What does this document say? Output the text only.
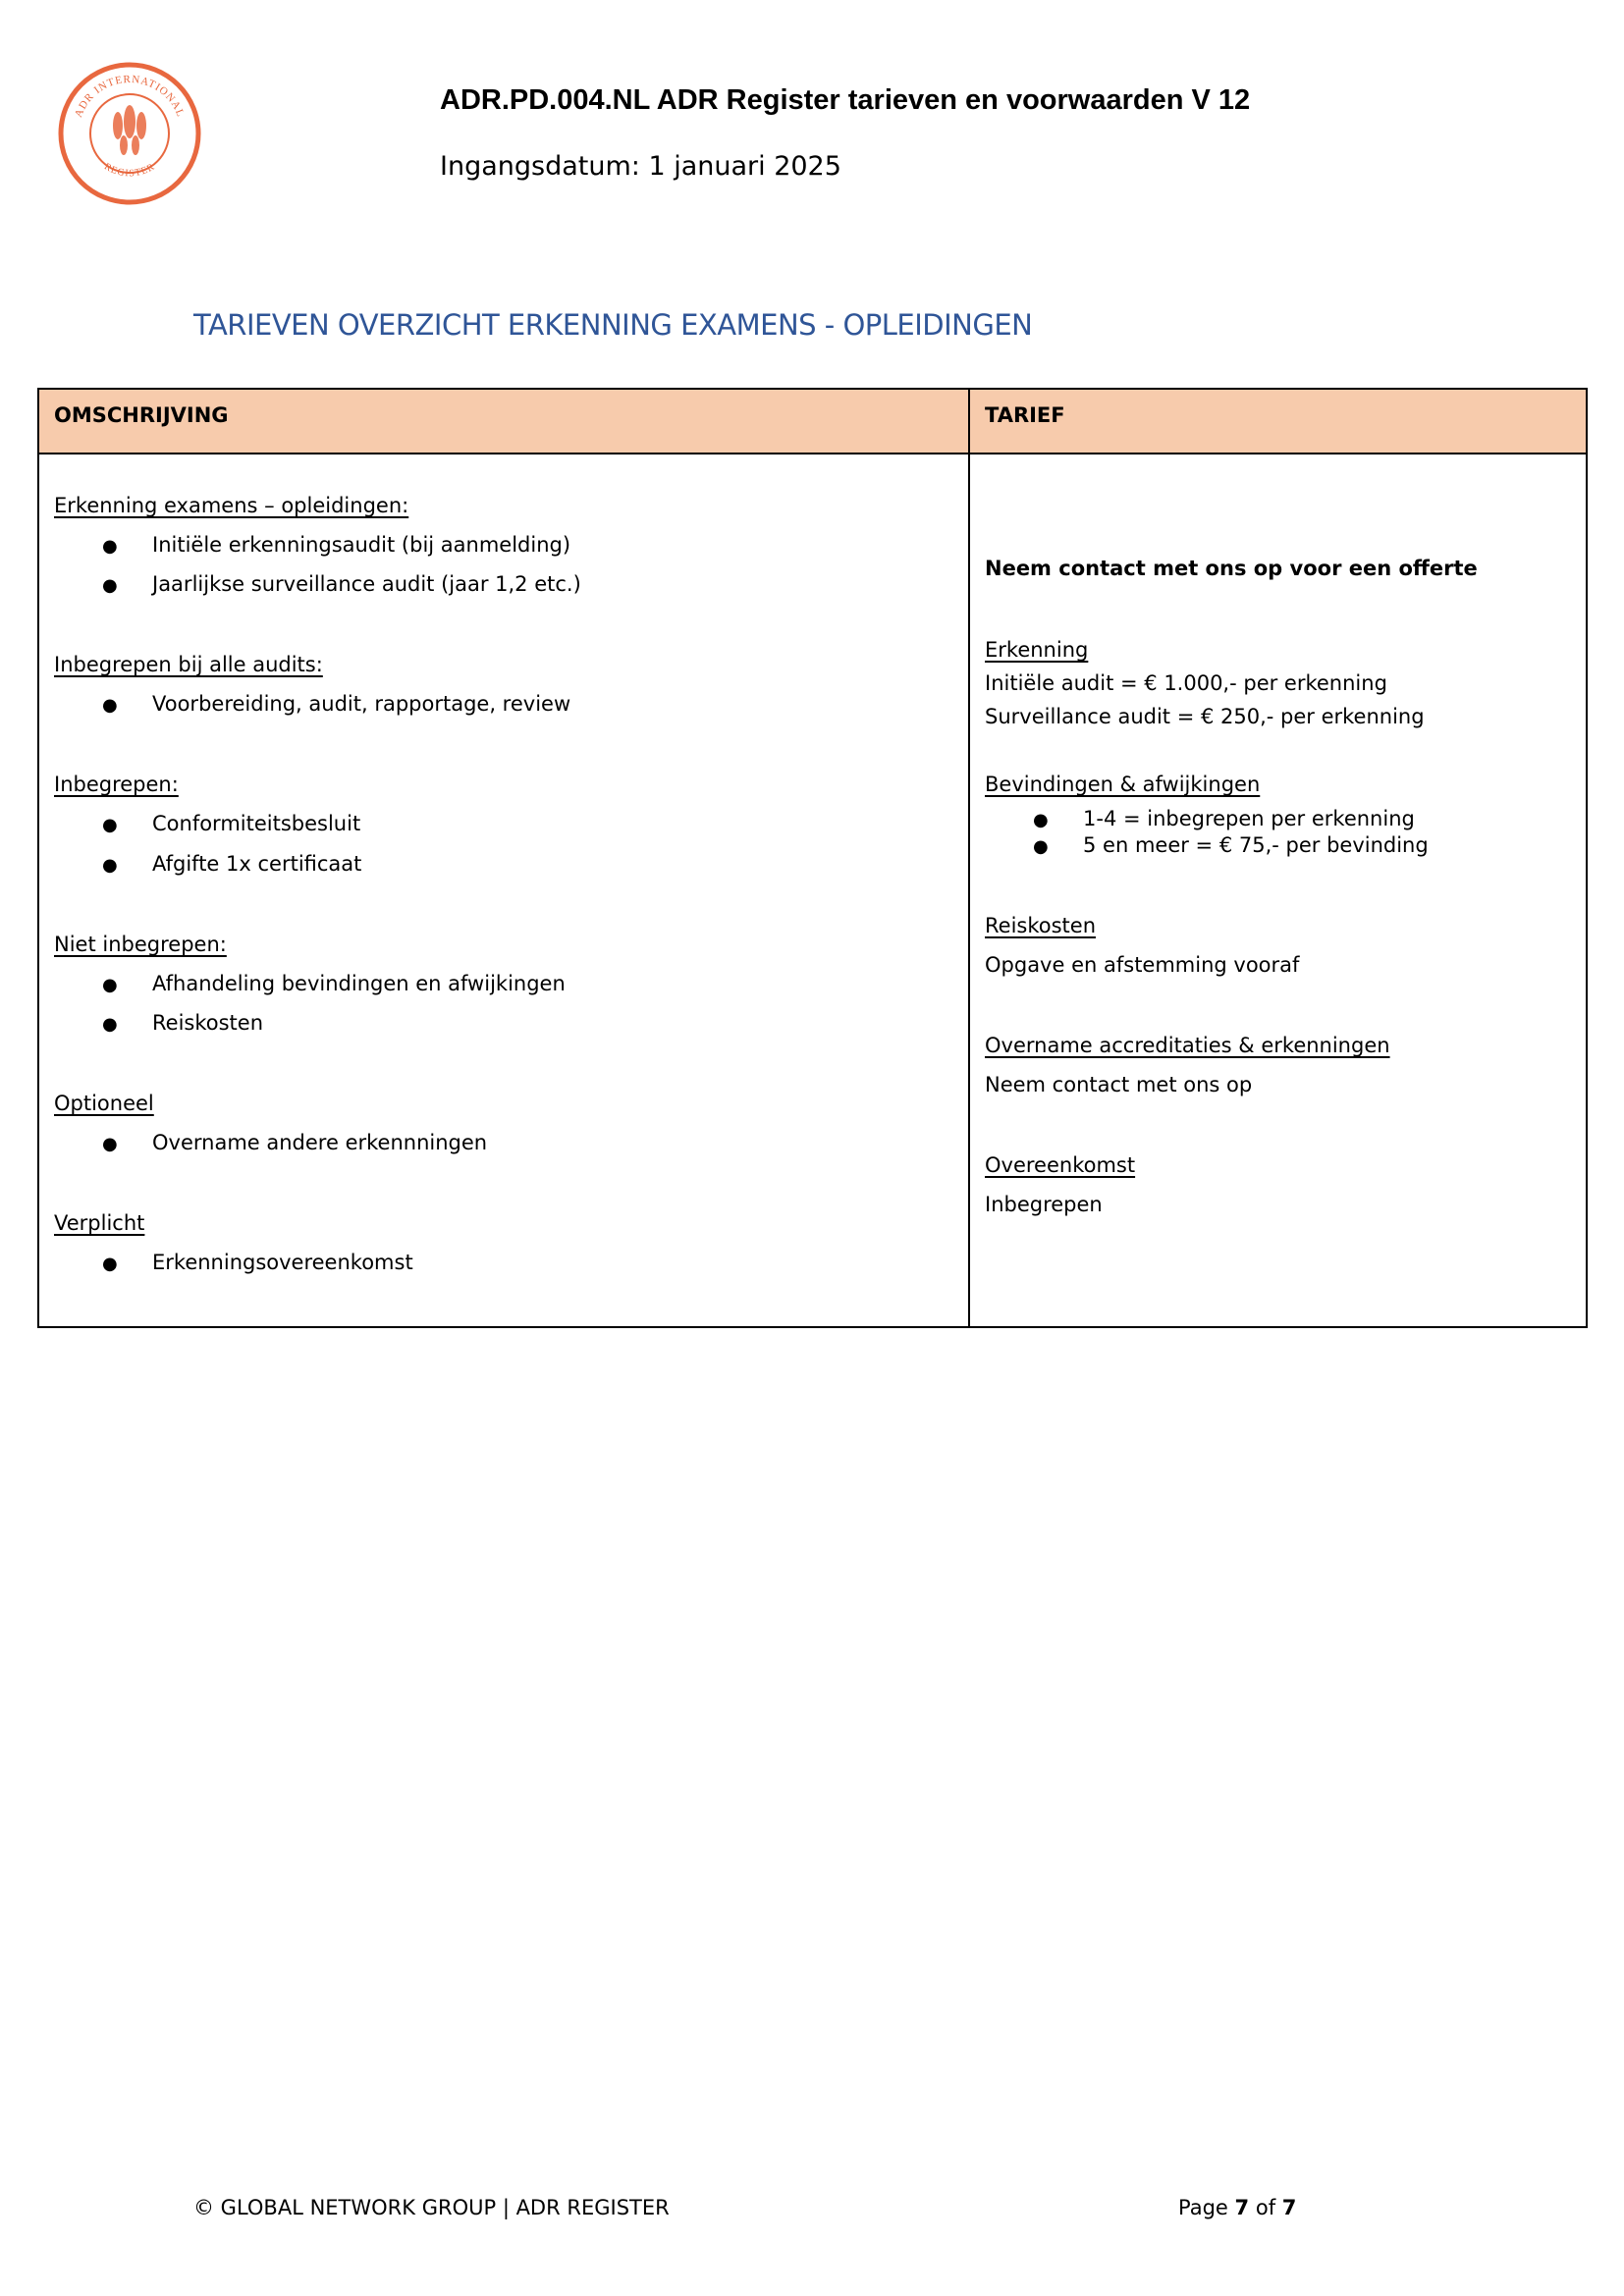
ADR INTERNATIONAL
REGISTER
ADR.PD.004.NL ADR Register tarieven en voorwaarden V 12
Ingangsdatum: 1 januari 2025
TARIEVEN OVERZICHT ERKENNING EXAMENS - OPLEIDINGEN
OMSCHRIJVING	TARIEF
Erkenning examens – opleidingen:
● Initiële erkenningsaudit (bij aanmelding)
● Jaarlijkse surveillance audit (jaar 1,2 etc.)
Inbegrepen bij alle audits:
● Voorbereiding, audit, rapportage, review
Inbegrepen:
● Conformiteitsbesluit
● Afgifte 1x certificaat
Niet inbegrepen:
● Afhandeling bevindingen en afwijkingen
● Reiskosten
Optioneel
● Overname andere erkennningen
Verplicht
● Erkenningsovereenkomst
Neem contact met ons op voor een offerte
Erkenning
Initiële audit = € 1.000,- per erkenning
Surveillance audit = € 250,- per erkenning
Bevindingen & afwijkingen
● 1-4 = inbegrepen per erkenning
● 5 en meer = € 75,- per bevinding
Reiskosten
Opgave en afstemming vooraf
Overname accreditaties & erkenningen
Neem contact met ons op
Overeenkomst
Inbegrepen
© GLOBAL NETWORK GROUP | ADR REGISTER	Page 7 of 7
